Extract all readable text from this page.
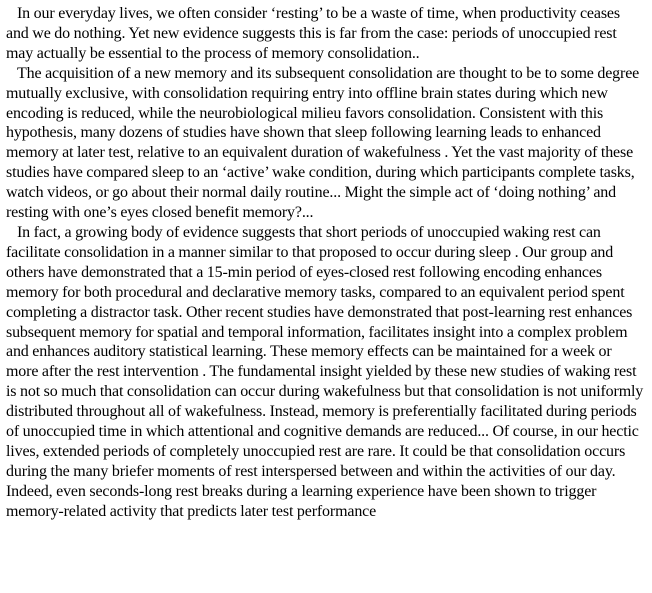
In our everyday lives, we often consider ‘resting’ to be a waste of time, when productivity ceases and we do nothing. Yet new evidence suggests this is far from the case: periods of unoccupied rest may actually be essential to the process of memory consolidation..

The acquisition of a new memory and its subsequent consolidation are thought to be to some degree mutually exclusive, with consolidation requiring entry into offline brain states during which new encoding is reduced, while the neurobiological milieu favors consolidation. Consistent with this hypothesis, many dozens of studies have shown that sleep following learning leads to enhanced memory at later test, relative to an equivalent duration of wakefulness . Yet the vast majority of these studies have compared sleep to an ‘active’ wake condition, during which participants complete tasks, watch videos, or go about their normal daily routine... Might the simple act of ‘doing nothing’ and resting with one’s eyes closed benefit memory?...

In fact, a growing body of evidence suggests that short periods of unoccupied waking rest can facilitate consolidation in a manner similar to that proposed to occur during sleep . Our group and others have demonstrated that a 15-min period of eyes-closed rest following encoding enhances memory for both procedural and declarative memory tasks, compared to an equivalent period spent completing a distractor task. Other recent studies have demonstrated that post-learning rest enhances subsequent memory for spatial and temporal information, facilitates insight into a complex problem and enhances auditory statistical learning. These memory effects can be maintained for a week or more after the rest intervention . The fundamental insight yielded by these new studies of waking rest is not so much that consolidation can occur during wakefulness but that consolidation is not uniformly distributed throughout all of wakefulness. Instead, memory is preferentially facilitated during periods of unoccupied time in which attentional and cognitive demands are reduced... Of course, in our hectic lives, extended periods of completely unoccupied rest are rare. It could be that consolidation occurs during the many briefer moments of rest interspersed between and within the activities of our day. Indeed, even seconds-long rest breaks during a learning experience have been shown to trigger memory-related activity that predicts later test performance
